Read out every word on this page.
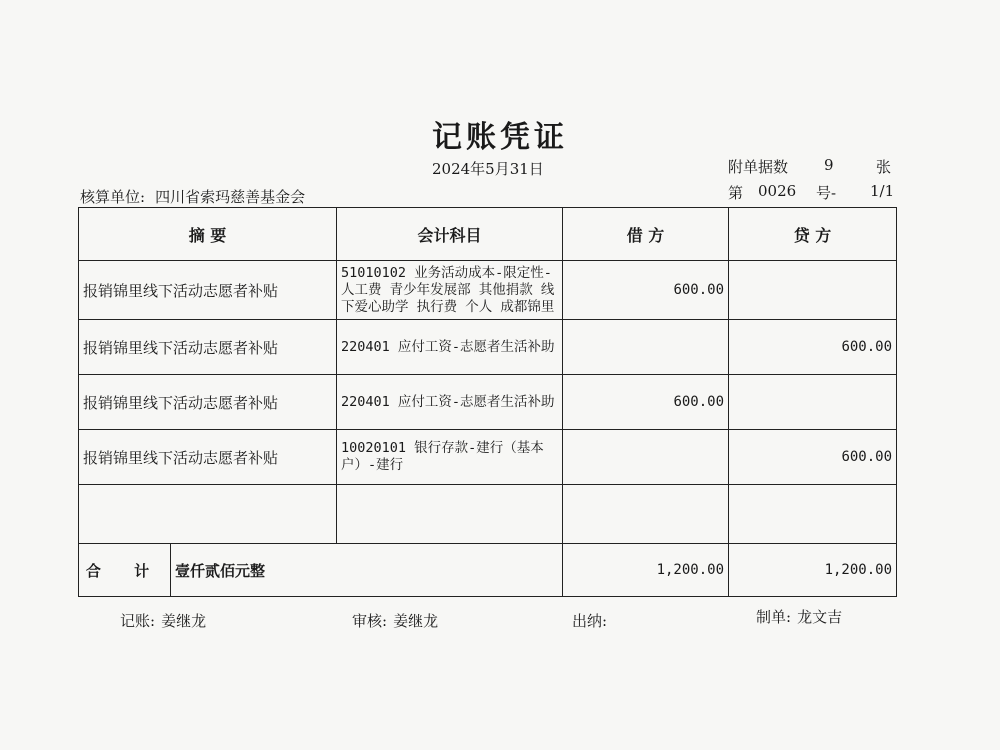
记账凭证
2024年5月31日	附单据数 9	张
核算单位: 四川省索玛慈善基金会	第 0026 号- 1/1
摘 要		会计科目	借 方	贷 方
报销锦里线下活动志愿者补贴		51010102 业务活动成本-限定性-人工费 青少年发展部 其他捐款 线下爱心助学 执行费 个人 成都锦里	600.00	
报销锦里线下活动志愿者补贴		220401 应付工资-志愿者生活补助		600.00
报销锦里线下活动志愿者补贴		220401 应付工资-志愿者生活补助	600.00	
报销锦里线下活动志愿者补贴		10020101 银行存款-建行（基本户）-建行		600.00

合 计	壹仟贰佰元整		1,200.00	1,200.00
记账: 姜继龙	审核: 姜继龙	出纳:	制单: 龙文吉
